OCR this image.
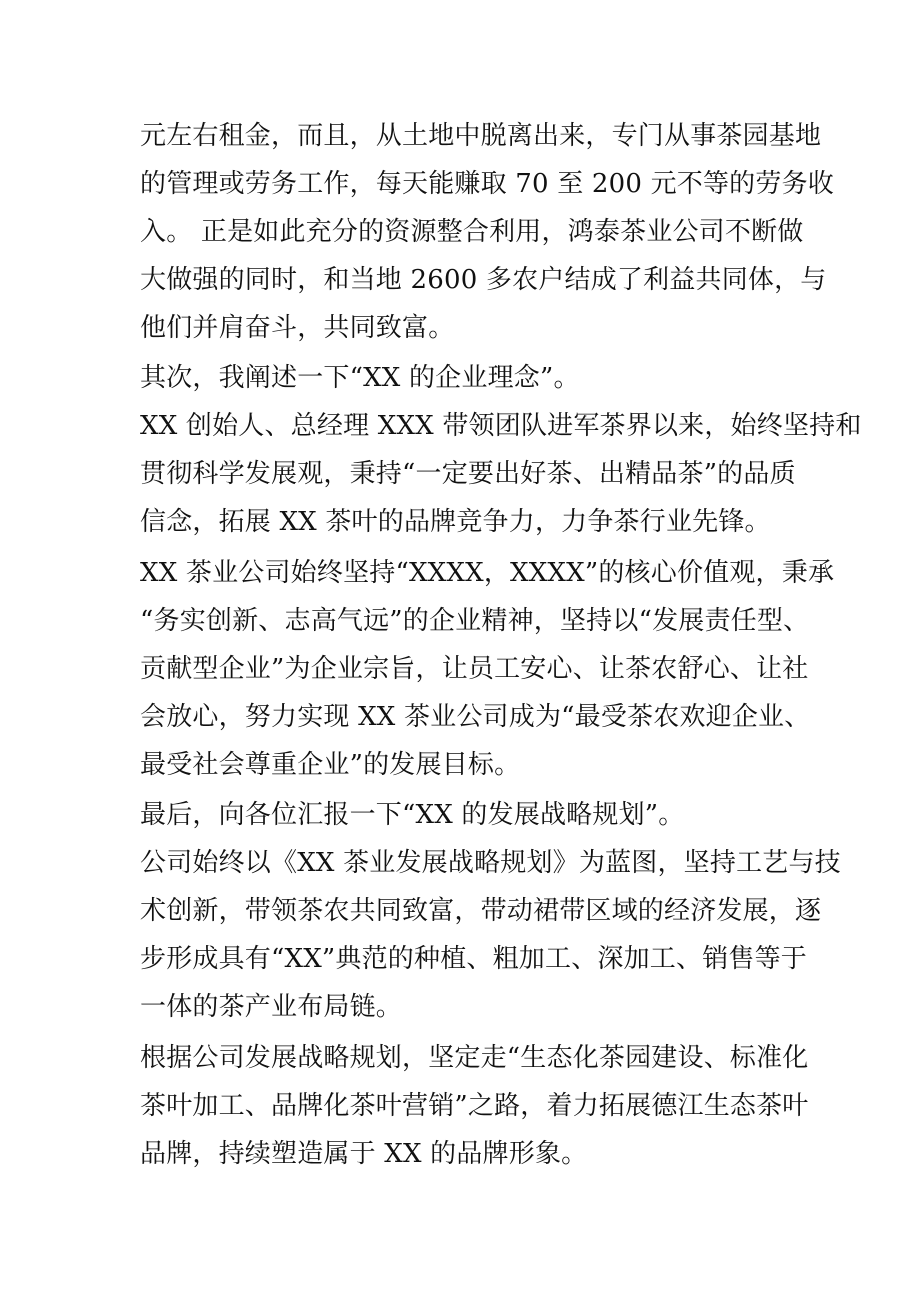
元左右租金，而且，从土地中脱离出来，专门从事茶园基地
的管理或劳务工作，每天能赚取 70 至 200 元不等的劳务收
入。 正是如此充分的资源整合利用，鸿泰茶业公司不断做
大做强的同时，和当地 2600 多农户结成了利益共同体，与
他们并肩奋斗，共同致富。
其次，我阐述一下“XX 的企业理念”。
XX 创始人、总经理 XXX 带领团队进军茶界以来，始终坚持和
贯彻科学发展观，秉持“一定要出好茶、出精品茶”的品质
信念，拓展 XX 茶叶的品牌竞争力，力争茶行业先锋。
XX 茶业公司始终坚持“XXXX，XXXX”的核心价值观，秉承
“务实创新、志高气远”的企业精神，坚持以“发展责任型、
贡献型企业”为企业宗旨，让员工安心、让茶农舒心、让社
会放心，努力实现 XX 茶业公司成为“最受茶农欢迎企业、
最受社会尊重企业”的发展目标。
最后，向各位汇报一下“XX 的发展战略规划”。
公司始终以《XX 茶业发展战略规划》为蓝图，坚持工艺与技
术创新，带领茶农共同致富，带动裙带区域的经济发展，逐
步形成具有“XX”典范的种植、粗加工、深加工、销售等于
一体的茶产业布局链。
根据公司发展战略规划，坚定走“生态化茶园建设、标准化
茶叶加工、品牌化茶叶营销”之路，着力拓展德江生态茶叶
品牌，持续塑造属于 XX 的品牌形象。
